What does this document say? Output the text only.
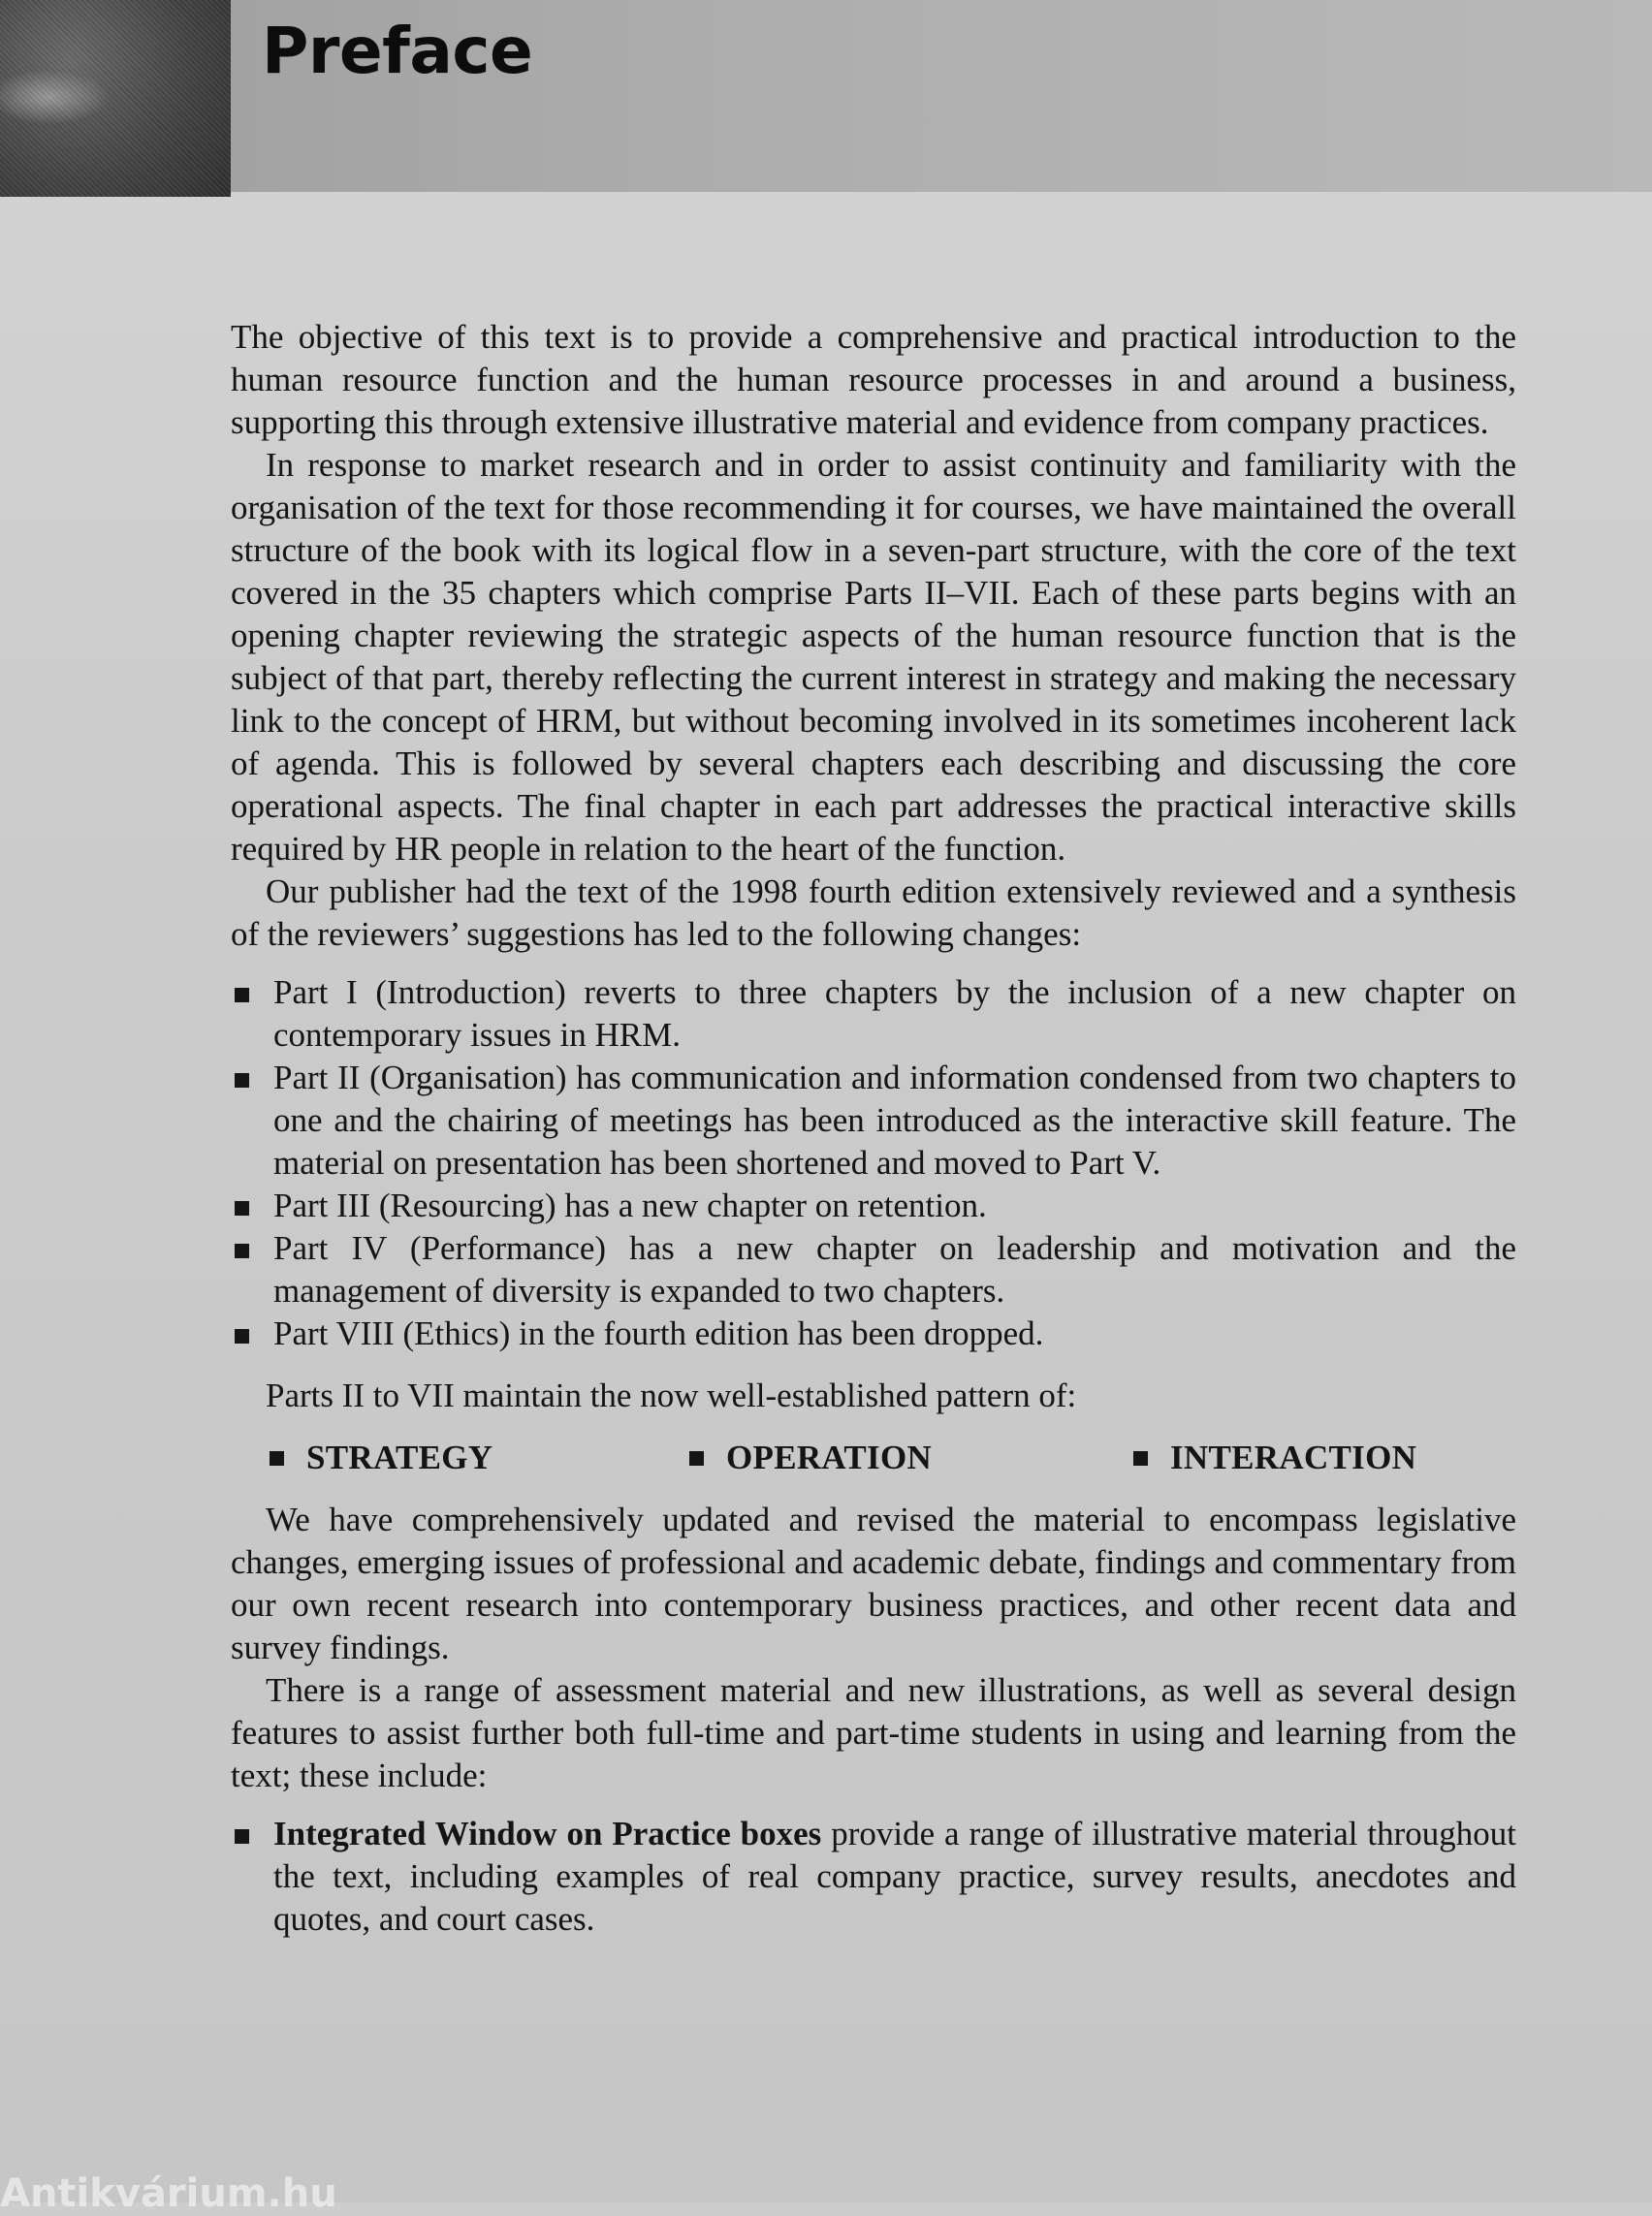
Preface

The objective of this text is to provide a comprehensive and practical introduction to the human resource function and the human resource processes in and around a business, supporting this through extensive illustrative material and evidence from company practices.

In response to market research and in order to assist continuity and familiarity with the organisation of the text for those recommending it for courses, we have maintained the overall structure of the book with its logical flow in a seven-part structure, with the core of the text covered in the 35 chapters which comprise Parts II–VII. Each of these parts begins with an opening chapter reviewing the strategic aspects of the human resource function that is the subject of that part, thereby reflecting the current interest in strategy and making the necessary link to the concept of HRM, but without becoming involved in its sometimes incoherent lack of agenda. This is followed by several chapters each describing and discussing the core operational aspects. The final chapter in each part addresses the practical interactive skills required by HR people in relation to the heart of the function.

Our publisher had the text of the 1998 fourth edition extensively reviewed and a synthesis of the reviewers’ suggestions has led to the following changes:

Part I (Introduction) reverts to three chapters by the inclusion of a new chapter on contemporary issues in HRM.
Part II (Organisation) has communication and information condensed from two chapters to one and the chairing of meetings has been introduced as the interactive skill feature. The material on presentation has been shortened and moved to Part V.
Part III (Resourcing) has a new chapter on retention.
Part IV (Performance) has a new chapter on leadership and motivation and the management of diversity is expanded to two chapters.
Part VIII (Ethics) in the fourth edition has been dropped.

Parts II to VII maintain the now well-established pattern of:

STRATEGY	OPERATION	INTERACTION

We have comprehensively updated and revised the material to encompass legislative changes, emerging issues of professional and academic debate, findings and commentary from our own recent research into contemporary business practices, and other recent data and survey findings.

There is a range of assessment material and new illustrations, as well as several design features to assist further both full-time and part-time students in using and learning from the text; these include:

Integrated Window on Practice boxes provide a range of illustrative material throughout the text, including examples of real company practice, survey results, anecdotes and quotes, and court cases.
Antikvárium.hu
